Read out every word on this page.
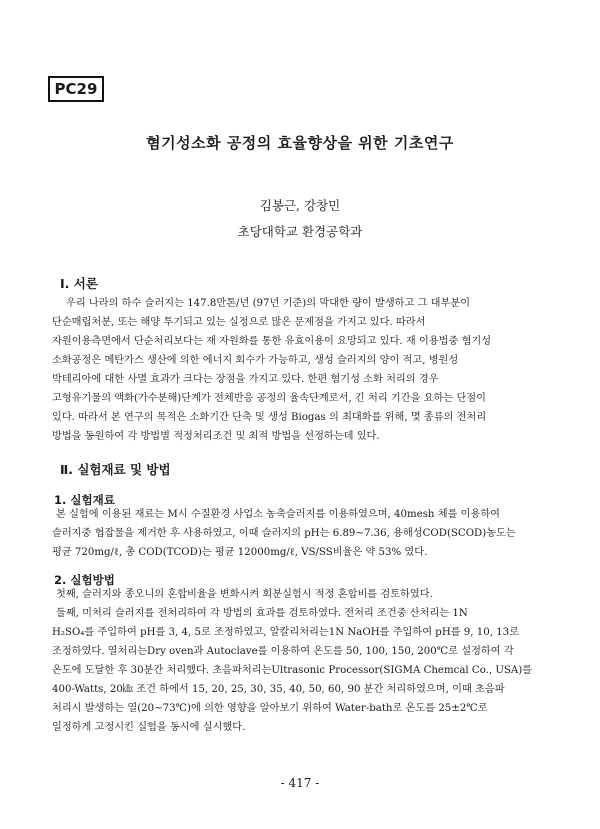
PC29
혐기성소화 공정의 효율향상을 위한 기초연구
김봉근, 강창민
초당대학교 환경공학과
Ⅰ. 서론
우리 나라의 하수 슬러지는 147.8만톤/년 (97년 기준)의 막대한 량이 발생하고 그 대부분이
단순매립처분, 또는 해양 투기되고 있는 실정으로 많은 문제점을 가지고 있다. 따라서
자원이용측면에서 단순처리보다는 재 자원화를 통한 유효이용이 요망되고 있다. 재 이용법중 혐기성
소화공정은 메탄가스 생산에 의한 에너지 회수가 가능하고, 생성 슬러지의 양이 적고, 병원성
박테리아에 대한 사멸 효과가 크다는 장점을 가지고 있다. 한편 혐기성 소화 처리의 경우
고형유기물의 액화(가수분해)단계가 전체반응 공정의 율속단계로서, 긴 처리 기간을 요하는 단점이
있다. 따라서 본 연구의 목적은 소화기간 단축 및 생성 Biogas 의 최대화를 위해, 몇 종류의 전처리
방법을 동원하여 각 방법별 적정처리조건 및 최적 방법을 선정하는데 있다.
Ⅱ. 실험재료 및 방법
1. 실험재료
본 실험에 이용된 재료는 M시 수질환경 사업소 농축슬러지를 이용하였으며, 40mesh 체를 이용하여
슬러지중 협잡물을 제거한 후 사용하였고, 이때 슬러지의 pH는 6.89~7.36, 용해성COD(SCOD)농도는
평균 720mg/ℓ, 총 COD(TCOD)는 평균 12000mg/ℓ, VS/SS비율은 약 53% 였다.
2. 실험방법
첫째, 슬러지와 종오니의 혼합비율을 변화시켜 회분실험시 적정 혼합비를 검토하였다.
둘째, 미처리 슬러지를 전처리하여 각 방법의 효과를 검토하였다. 전처리 조건중 산처리는 1N
H₂SO₄를 주입하여 pH를 3, 4, 5로 조정하였고, 알칼리처리는1N NaOH를 주입하여 pH를 9, 10, 13로
조정하였다. 열처리는Dry oven과 Autoclave를 이용하여 온도를 50, 100, 150, 200℃로 설정하여 각
온도에 도달한 후 30분간 처리했다. 초음파처리는Ultrasonic Processor(SIGMA Chemcal Co., USA)를
400-Watts, 20㎑ 조건 하에서 15, 20, 25, 30, 35, 40, 50, 60, 90 분간 처리하였으며, 이때 초음파
처리시 발생하는 열(20~73℃)에 의한 영향을 알아보기 위하여 Water-bath로 온도를 25±2℃로
일정하게 고정시킨 실험을 동시에 실시했다.
- 417 -
